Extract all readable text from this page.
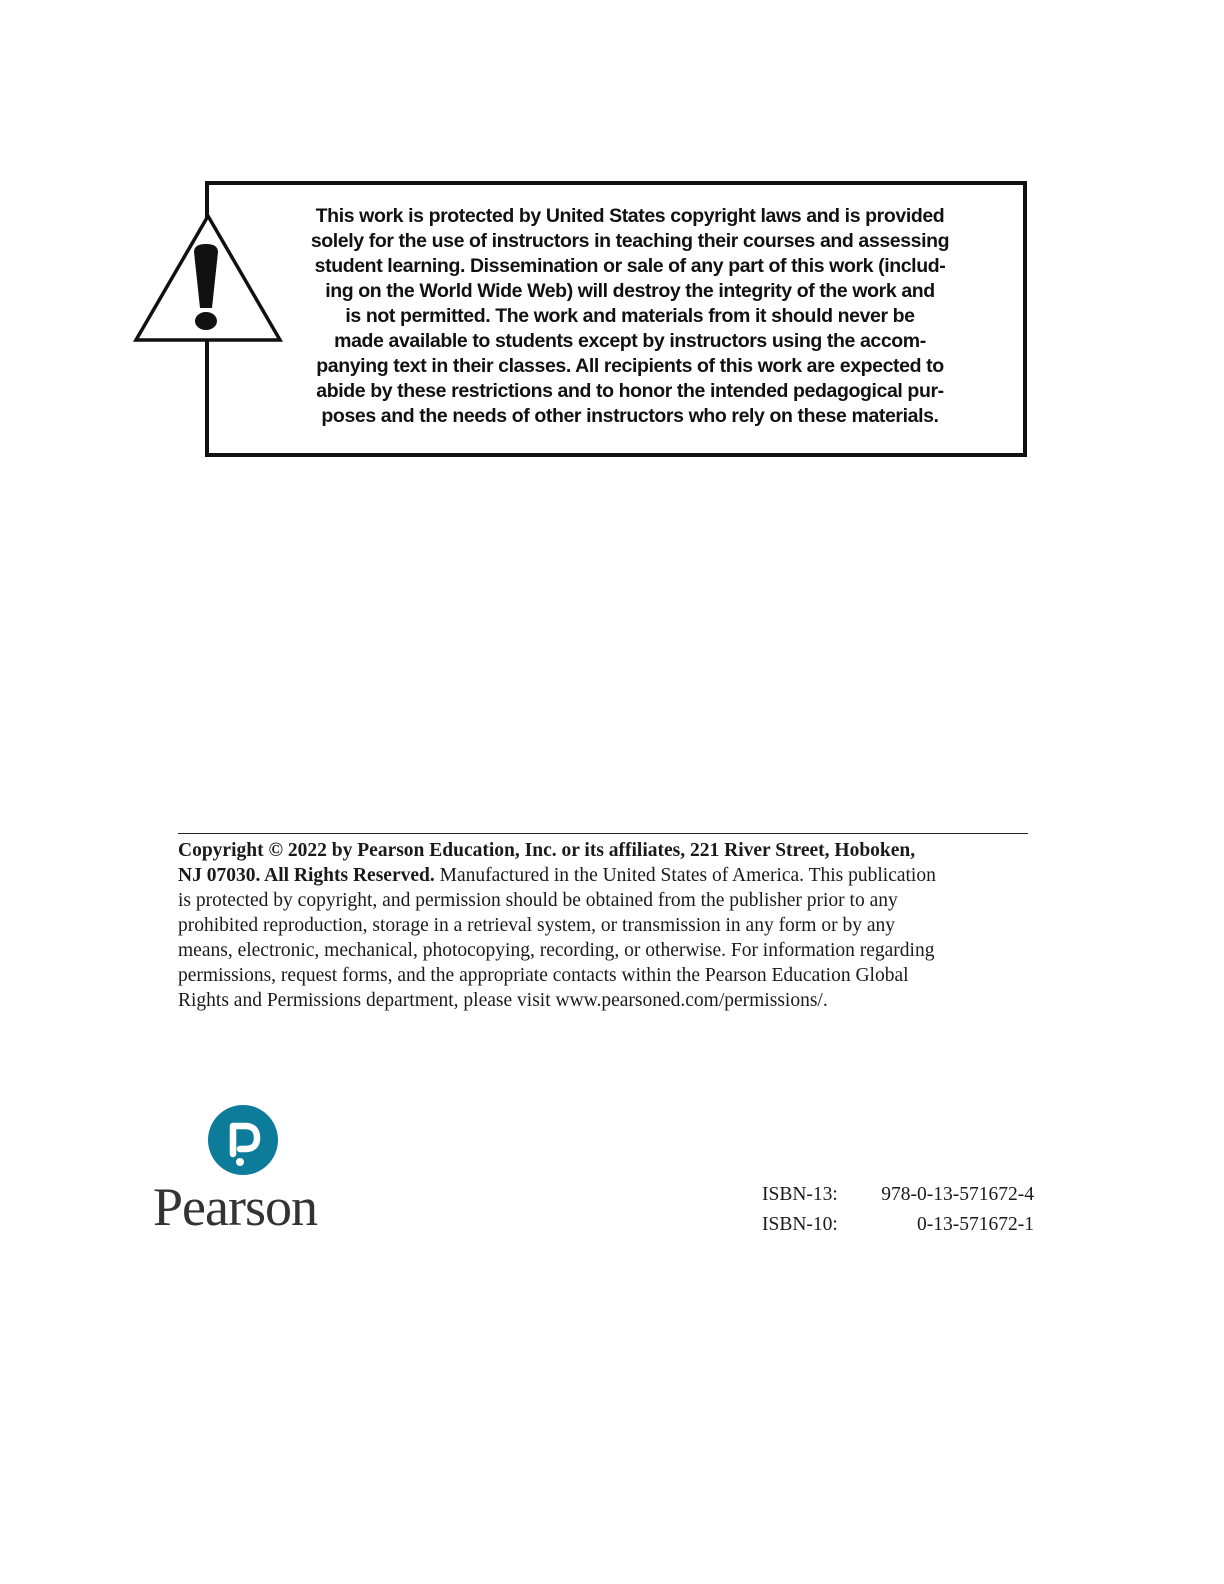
This work is protected by United States copyright laws and is provided
solely for the use of instructors in teaching their courses and assessing
student learning. Dissemination or sale of any part of this work (includ-
ing on the World Wide Web) will destroy the integrity of the work and
is not permitted. The work and materials from it should never be
made available to students except by instructors using the accom-
panying text in their classes. All recipients of this work are expected to
abide by these restrictions and to honor the intended pedagogical pur-
poses and the needs of other instructors who rely on these materials.
Copyright © 2022 by Pearson Education, Inc. or its affiliates, 221 River Street, Hoboken,
NJ 07030. All Rights Reserved. Manufactured in the United States of America. This publication
is protected by copyright, and permission should be obtained from the publisher prior to any
prohibited reproduction, storage in a retrieval system, or transmission in any form or by any
means, electronic, mechanical, photocopying, recording, or otherwise. For information regarding
permissions, request forms, and the appropriate contacts within the Pearson Education Global
Rights and Permissions department, please visit www.pearsoned.com/permissions/.
Pearson	ISBN-13: 978-0-13-571672-4
ISBN-10:	0-13-571672-1
